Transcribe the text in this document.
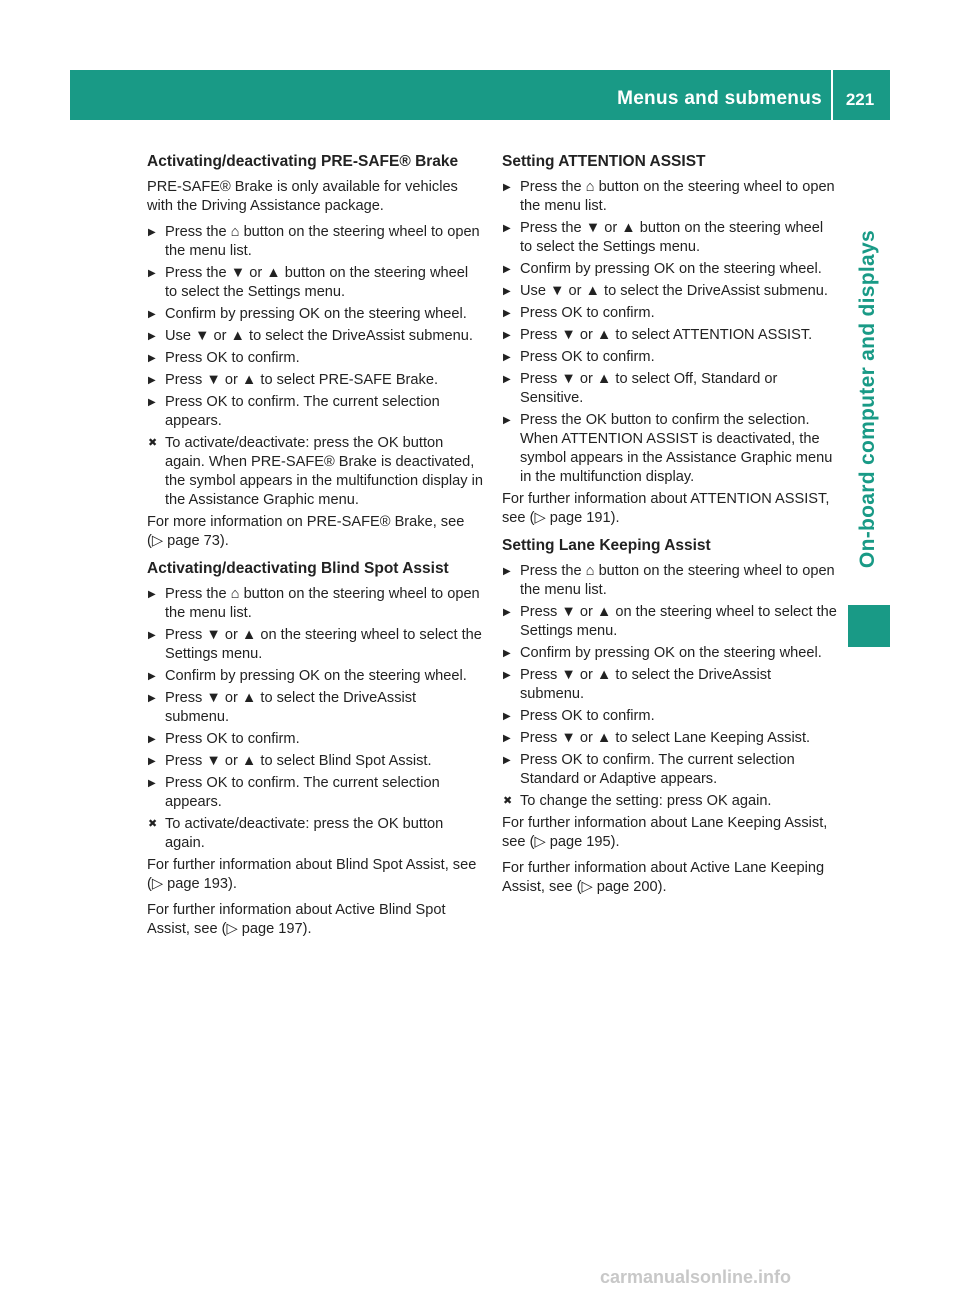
Menus and submenus	221
On-board computer and displays
Activating/deactivating PRE-SAFE® Brake

PRE-SAFE® Brake is only available for vehicles with the Driving Assistance package.

▶ Press the ⌂ button on the steering wheel to open the menu list.
▶ Press the ▼ or ▲ button on the steering wheel to select the Settings menu.
▶ Confirm by pressing OK on the steering wheel.
▶ Use ▼ or ▲ to select the DriveAssist submenu.
▶ Press OK to confirm.
▶ Press ▼ or ▲ to select PRE-SAFE Brake.
▶ Press OK to confirm. The current selection appears.
✖ To activate/deactivate: press the OK button again. When PRE-SAFE® Brake is deactivated, the symbol appears in the multifunction display in the Assistance Graphic menu.

For more information on PRE-SAFE® Brake, see (▷ page 73).

Activating/deactivating Blind Spot Assist
▶ Press the ⌂ button on the steering wheel to open the menu list.
▶ Press ▼ or ▲ on the steering wheel to select the Settings menu.
▶ Confirm by pressing OK on the steering wheel.
▶ Press ▼ or ▲ to select the DriveAssist submenu.
▶ Press OK to confirm.
▶ Press ▼ or ▲ to select Blind Spot Assist.
▶ Press OK to confirm. The current selection appears.
✖ To activate/deactivate: press the OK button again.

For further information about Blind Spot Assist, see (▷ page 193).

For further information about Active Blind Spot Assist, see (▷ page 197).

Setting ATTENTION ASSIST
▶ Press the ⌂ button on the steering wheel to open the menu list.
▶ Press the ▼ or ▲ button on the steering wheel to select the Settings menu.
▶ Confirm by pressing OK on the steering wheel.
▶ Use ▼ or ▲ to select the DriveAssist submenu.
▶ Press OK to confirm.
▶ Press ▼ or ▲ to select ATTENTION ASSIST.
▶ Press OK to confirm.
▶ Press ▼ or ▲ to select Off, Standard or Sensitive.
▶ Press the OK button to confirm the selection. When ATTENTION ASSIST is deactivated, the symbol appears in the Assistance Graphic menu in the multifunction display.

For further information about ATTENTION ASSIST, see (▷ page 191).

Setting Lane Keeping Assist
▶ Press the ⌂ button on the steering wheel to open the menu list.
▶ Press ▼ or ▲ on the steering wheel to select the Settings menu.
▶ Confirm by pressing OK on the steering wheel.
▶ Press ▼ or ▲ to select the DriveAssist submenu.
▶ Press OK to confirm.
▶ Press ▼ or ▲ to select Lane Keeping Assist.
▶ Press OK to confirm. The current selection Standard or Adaptive appears.
✖ To change the setting: press OK again.

For further information about Lane Keeping Assist, see (▷ page 195).

For further information about Active Lane Keeping Assist, see (▷ page 200).

carmanualsonline.info
